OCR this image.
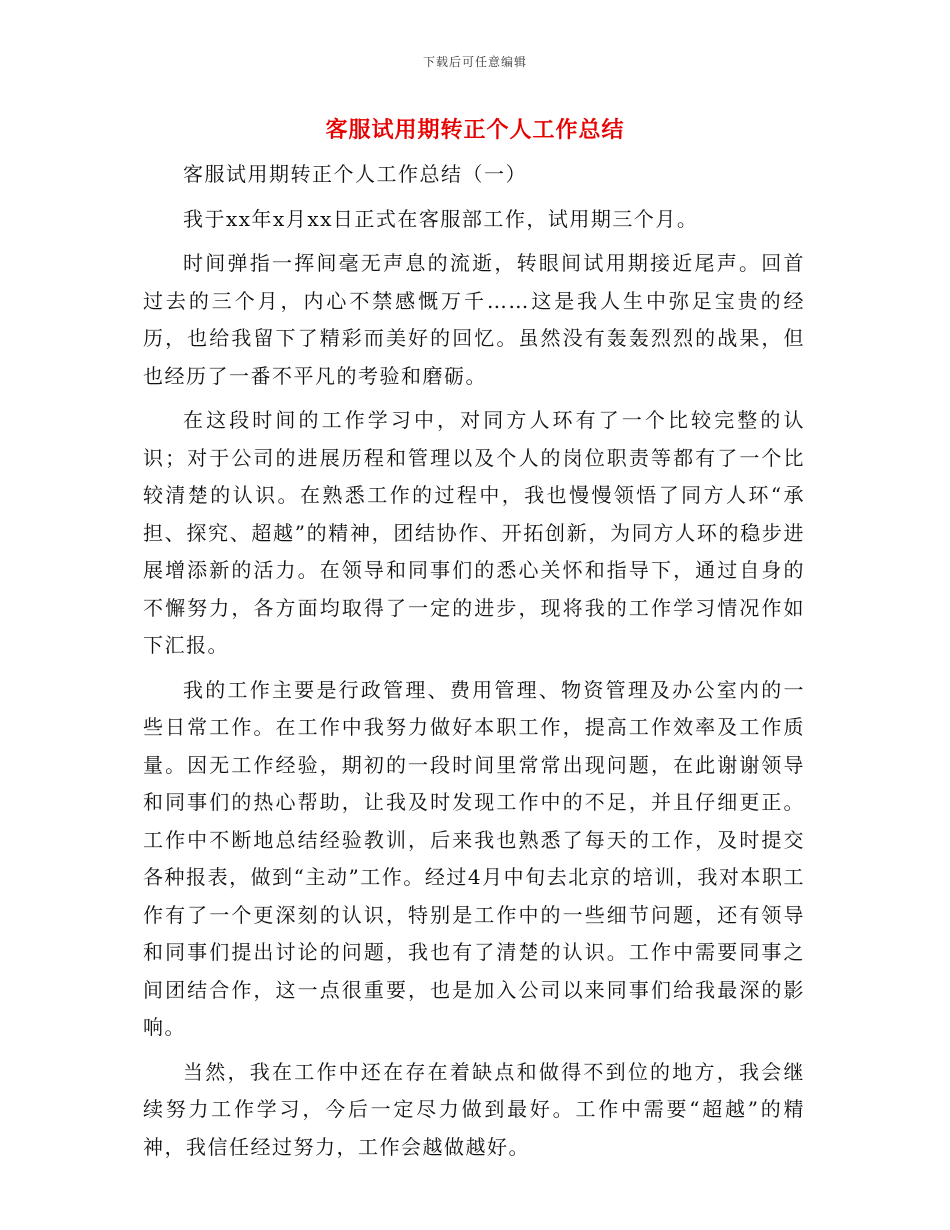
下载后可任意编辑
客服试用期转正个人工作总结

客服试用期转正个人工作总结（一）

我于xx年x月xx日正式在客服部工作，试用期三个月。

时间弹指一挥间毫无声息的流逝，转眼间试用期接近尾声。回首过去的三个月，内心不禁感慨万千……这是我人生中弥足宝贵的经历，也给我留下了精彩而美好的回忆。虽然没有轰轰烈烈的战果，但也经历了一番不平凡的考验和磨砺。

在这段时间的工作学习中，对同方人环有了一个比较完整的认识；对于公司的进展历程和管理以及个人的岗位职责等都有了一个比较清楚的认识。在熟悉工作的过程中，我也慢慢领悟了同方人环“承担、探究、超越”的精神，团结协作、开拓创新，为同方人环的稳步进展增添新的活力。在领导和同事们的悉心关怀和指导下，通过自身的不懈努力，各方面均取得了一定的进步，现将我的工作学习情况作如下汇报。

我的工作主要是行政管理、费用管理、物资管理及办公室内的一些日常工作。在工作中我努力做好本职工作，提高工作效率及工作质量。因无工作经验，期初的一段时间里常常出现问题，在此谢谢领导和同事们的热心帮助，让我及时发现工作中的不足，并且仔细更正。工作中不断地总结经验教训，后来我也熟悉了每天的工作，及时提交各种报表，做到“主动”工作。经过4月中旬去北京的培训，我对本职工作有了一个更深刻的认识，特别是工作中的一些细节问题，还有领导和同事们提出讨论的问题，我也有了清楚的认识。工作中需要同事之间团结合作，这一点很重要，也是加入公司以来同事们给我最深的影响。

当然，我在工作中还在存在着缺点和做得不到位的地方，我会继续努力工作学习，今后一定尽力做到最好。工作中需要“超越”的精神，我信任经过努力，工作会越做越好。
